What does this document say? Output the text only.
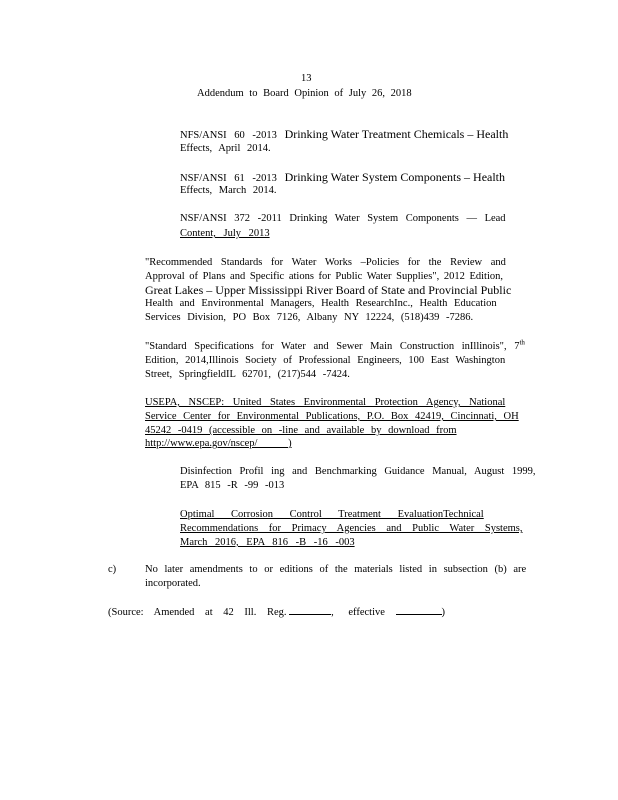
13
Addendum to Board Opinion of July 26, 2018
NFS/ANSI 60 -2013 Drinking Water Treatment Chemicals – Health
Effects, April 2014.
NSF/ANSI 61 -2013 Drinking Water System Components – Health
Effects, March 2014.
NSF/ANSI 372 -2011 Drinking Water System Components — Lead
Content, July 2013
"Recommended Standards for Water Works –Policies for the Review and
Approval of Plans and Specific ations for Public Water Supplies", 2012 Edition,
Great Lakes – Upper Mississippi River Board of State and Provincial Public
Health and Environmental Managers, Health ResearchInc., Health Education
Services Division, PO Box 7126, Albany NY 12224, (518)439 -7286.
"Standard Specifications for Water and Sewer Main Construction inIllinois", 7th
Edition, 2014,Illinois Society of Professional Engineers, 100 East Washington
Street, SpringfieldIL 62701, (217)544 -7424.
USEPA, NSCEP: United States Environmental Protection Agency, National
Service Center for Environmental Publications, P.O. Box 42419, Cincinnati, OH
45242 -0419 (accessible on -line and available by download from
http://www.epa.gov/nscep/ )
Disinfection Profil ing and Benchmarking Guidance Manual, August 1999,
EPA 815 -R -99 -013
Optimal Corrosion Control Treatment EvaluationTechnical
Recommendations for Primacy Agencies and Public Water Systems,
March 2016, EPA 816 -B -16 -003
c)	No later amendments to or editions of the materials listed in subsection (b) are
incorporated.
(Source: Amended at 42 Ill. Reg.	, effective	)
